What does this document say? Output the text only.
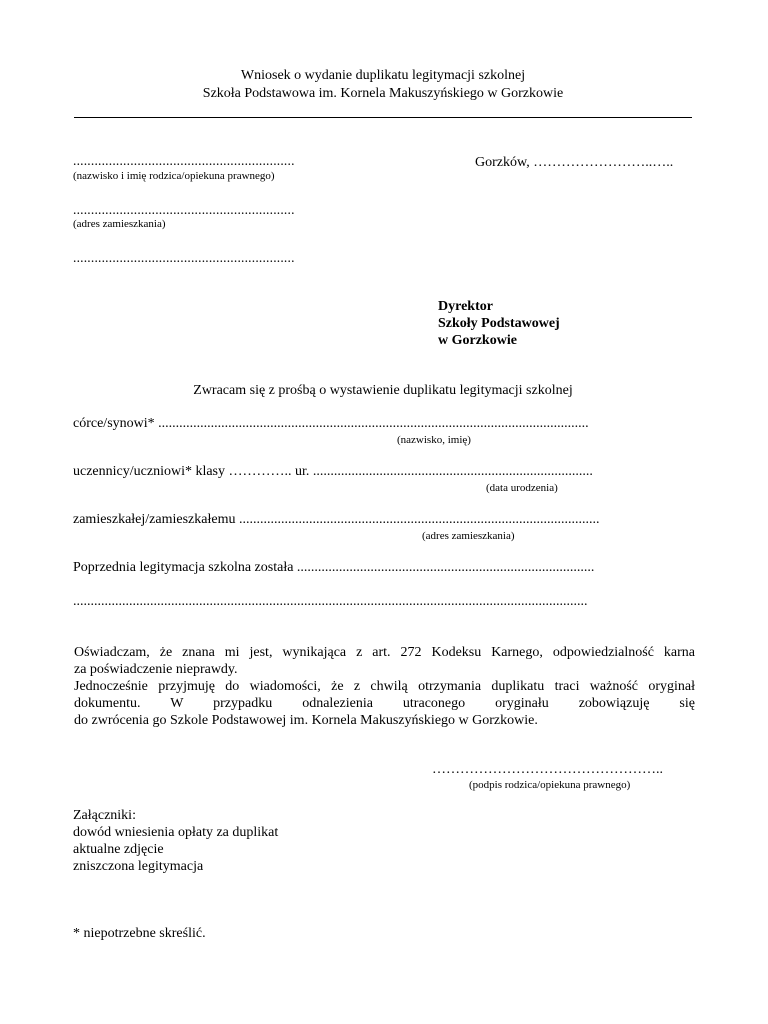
Wniosek o wydanie duplikatu legitymacji szkolnej
Szkoła Podstawowa im. Kornela Makuszyńskiego w Gorzkowie
..............................................................
(nazwisko i imię rodzica/opiekuna prawnego)
..............................................................
(adres zamieszkania)
..............................................................
Gorzków, ……………………..…..
Dyrektor
Szkoły Podstawowej
w Gorzkowie
Zwracam się z prośbą o wystawienie duplikatu legitymacji szkolnej
córce/synowi* ...........................................................................................................................
(nazwisko, imię)
uczennicy/uczniowi* klasy ………….. ur. ................................................................................
(data urodzenia)
zamieszkałej/zamieszkałemu .......................................................................................................
(adres zamieszkania)
Poprzednia legitymacja szkolna została .....................................................................................
...................................................................................................................................................
Oświadczam, że znana mi jest, wynikająca z art. 272 Kodeksu Karnego, odpowiedzialność karna
za poświadczenie nieprawdy.
Jednocześnie przyjmuję do wiadomości, że z chwilą otrzymania duplikatu traci ważność oryginał
dokumentu. W przypadku odnalezienia utraconego oryginału zobowiązuję się
do zwrócenia go Szkole Podstawowej im. Kornela Makuszyńskiego w Gorzkowie.
…………………………………………..
(podpis rodzica/opiekuna prawnego)
Załączniki:
dowód wniesienia opłaty za duplikat
aktualne zdjęcie
zniszczona legitymacja
* niepotrzebne skreślić.
